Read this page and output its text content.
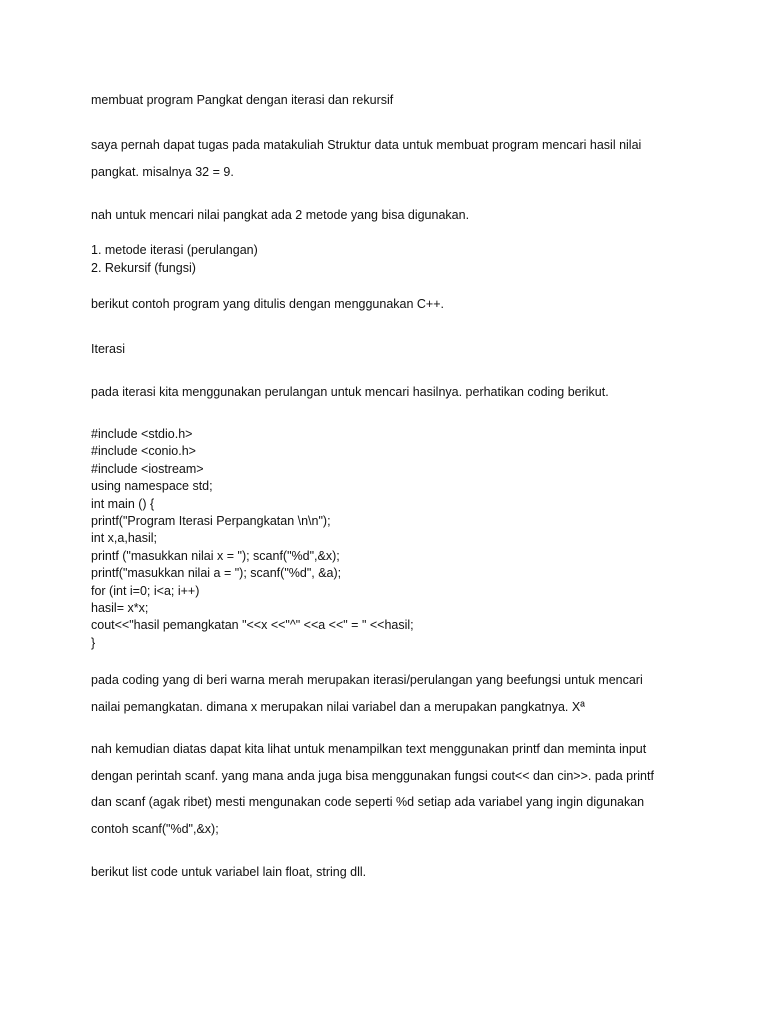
membuat program Pangkat dengan iterasi dan rekursif
saya pernah dapat tugas pada matakuliah Struktur data untuk membuat program mencari hasil nilai
pangkat. misalnya 32 = 9.
nah untuk mencari nilai pangkat ada 2 metode yang bisa digunakan.
1. metode iterasi (perulangan)
2. Rekursif (fungsi)
berikut contoh program yang ditulis dengan menggunakan C++.
Iterasi
pada iterasi kita menggunakan perulangan untuk mencari hasilnya. perhatikan coding berikut.
#include <stdio.h>
#include <conio.h>
#include <iostream>
using namespace std;
int main () {
printf("Program Iterasi Perpangkatan \n\n");
int x,a,hasil;
printf ("masukkan nilai x = "); scanf("%d",&x);
printf("masukkan nilai a = "); scanf("%d", &a);
for (int i=0; i<a; i++)
hasil= x*x;
cout<<"hasil pemangkatan "<<x <<"^" <<a <<" = " <<hasil;
}
pada coding yang di beri warna merah merupakan iterasi/perulangan yang beefungsi untuk mencari
nailai pemangkatan. dimana x merupakan nilai variabel dan a merupakan pangkatnya. Xª
nah kemudian diatas dapat kita lihat untuk menampilkan text menggunakan printf dan meminta input
dengan perintah scanf. yang mana anda juga bisa menggunakan fungsi cout<< dan cin>>. pada printf
dan scanf (agak ribet) mesti mengunakan code seperti %d setiap ada variabel yang ingin digunakan
contoh scanf("%d",&x);
berikut list code untuk variabel lain float, string dll.
